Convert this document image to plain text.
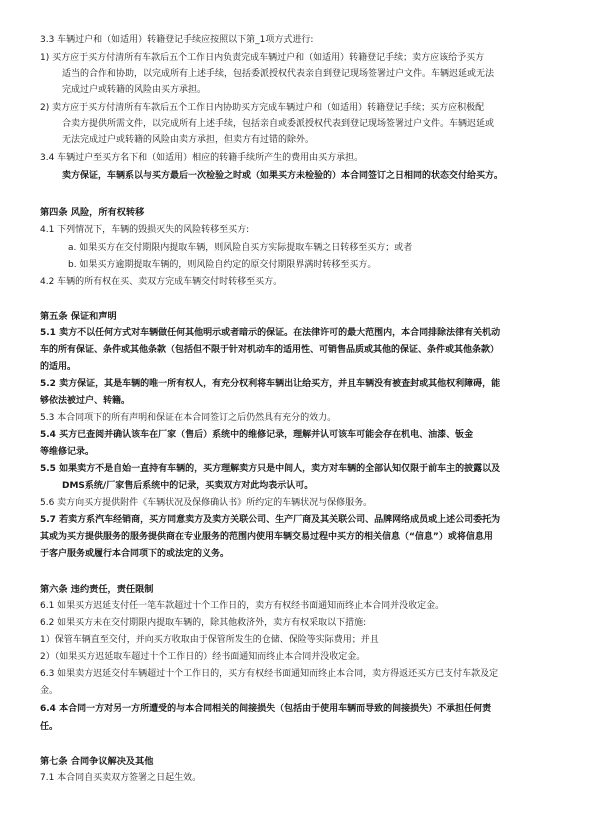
3.3 车辆过户和（如适用）转籍登记手续应按照以下第_1项方式进行:
1) 买方应于买方付清所有车款后五个工作日内负责完成车辆过户和（如适用）转籍登记手续；卖方应该给予买方
适当的合作和协助，以完成所有上述手续，包括委派授权代表亲自到登记现场签署过户文件。车辆迟延或无法
完成过户或转籍的风险由买方承担。
2) 卖方应于买方付清所有车款后五个工作日内协助买方完成车辆过户和（如适用）转籍登记手续；买方应积极配
合卖方提供所需文件，以完成所有上述手续，包括亲自或委派授权代表到登记现场签署过户文件。车辆迟延或
无法完成过户或转籍的风险由卖方承担，但卖方有过错的除外。
3.4 车辆过户至买方名下和（如适用）相应的转籍手续所产生的费用由买方承担。
卖方保证，车辆系以与买方最后一次检验之时或（如果买方未检验的）本合同签订之日相同的状态交付给买方。
第四条 风险，所有权转移
4.1 下列情况下，车辆的毁损灭失的风险转移至买方:
a. 如果买方在交付期限内提取车辆，则风险自买方实际提取车辆之日转移至买方；或者
b. 如果买方逾期提取车辆的，则风险自约定的原交付期限界满时转移至买方。
4.2 车辆的所有权在买、卖双方完成车辆交付时转移至买方。
第五条 保证和声明
5.1 卖方不以任何方式对车辆做任何其他明示或者暗示的保证。在法律许可的最大范围内，本合同排除法律有关机动
车的所有保证、条件或其他条款（包括但不限于针对机动车的适用性、可销售品质或其他的保证、条件或其他条款）
的适用。
5.2 卖方保证，其是车辆的唯一所有权人，有充分权利将车辆出让给买方，并且车辆没有被查封或其他权利障碍，能
够依法被过户、转籍。
5.3 本合同项下的所有声明和保证在本合同签订之后仍然具有充分的效力。
5.4 买方已查阅并确认该车在厂家（售后）系统中的维修记录，理解并认可该车可能会存在机电、油漆、钣金
等维修记录。
5.5 如果卖方不是自始一直持有车辆的，买方理解卖方只是中间人，卖方对车辆的全部认知仅限于前车主的披露以及
DMS系统/厂家售后系统中的记录，买卖双方对此均表示认可。
5.6 卖方向买方提供附件《车辆状况及保修确认书》所约定的车辆状况与保修服务。
5.7 若卖方系汽车经销商，买方同意卖方及卖方关联公司、生产厂商及其关联公司、品牌网络成员或上述公司委托为
其或为买方提供服务的服务提供商在专业服务的范围内使用车辆交易过程中买方的相关信息（“信息”）或将信息用
于客户服务或履行本合同项下的或法定的义务。
第六条 违约责任，责任限制
6.1 如果买方迟延支付任一笔车款超过十个工作日的，卖方有权经书面通知而终止本合同并没收定金。
6.2 如果买方未在交付期限内提取车辆的，除其他救济外，卖方有权采取以下措施:
1）保管车辆直至交付，并向买方收取由于保管所发生的仓储、保险等实际费用；并且
2）（如果买方迟延取车超过十个工作日的）经书面通知而终止本合同并没收定金。
6.3 如果卖方迟延交付车辆超过十个工作日的，买方有权经书面通知而终止本合同，卖方得返还买方已支付车款及定
金。
6.4 本合同一方对另一方所遭受的与本合同相关的间接损失（包括由于使用车辆而导致的间接损失）不承担任何责
任。
第七条 合同争议解决及其他
7.1 本合同自买卖双方签署之日起生效。
